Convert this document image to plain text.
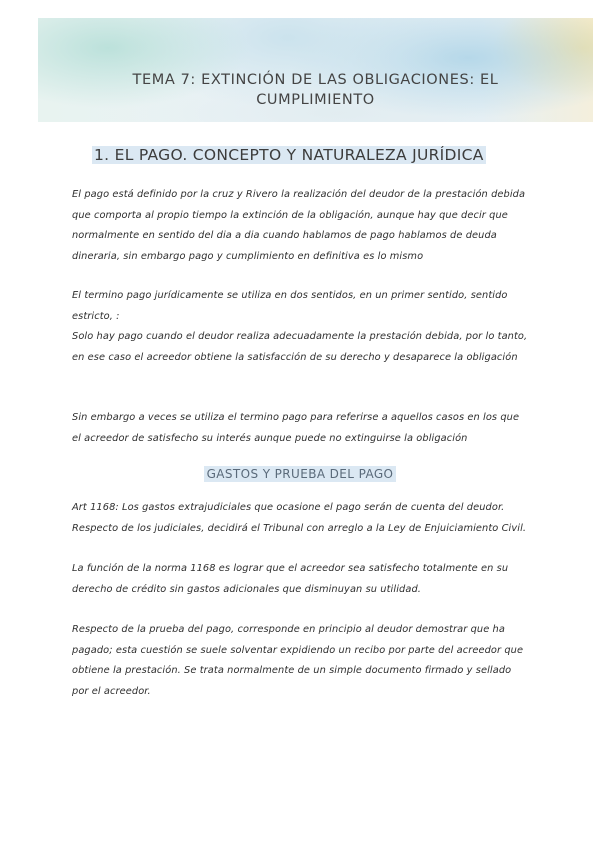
TEMA 7: EXTINCIÓN DE LAS OBLIGACIONES: EL
CUMPLIMIENTO
1. EL PAGO. CONCEPTO Y NATURALEZA JURÍDICA
El pago está definido por la cruz y Rivero la realización del deudor de la prestación debida que comporta al propio tiempo la extinción de la obligación, aunque hay que decir que normalmente en sentido del dia a dia cuando hablamos de pago hablamos de deuda dineraria, sin embargo pago y cumplimiento en definitiva es lo mismo
El termino pago jurídicamente se utiliza en dos sentidos, en un primer sentido, sentido estricto, :
Solo hay pago cuando el deudor realiza adecuadamente la prestación debida, por lo tanto, en ese caso el acreedor obtiene la satisfacción de su derecho y desaparece la obligación
Sin embargo a veces se utiliza el termino pago para referirse a aquellos casos en los que el acreedor de satisfecho su interés aunque puede no extinguirse la obligación
GASTOS Y PRUEBA DEL PAGO
Art 1168: Los gastos extrajudiciales que ocasione el pago serán de cuenta del deudor. Respecto de los judiciales, decidirá el Tribunal con arreglo a la Ley de Enjuiciamiento Civil.
La función de la norma 1168 es lograr que el acreedor sea satisfecho totalmente en su derecho de crédito sin gastos adicionales que disminuyan su utilidad.
Respecto de la prueba del pago, corresponde en principio al deudor demostrar que ha pagado; esta cuestión se suele solventar expidiendo un recibo por parte del acreedor que obtiene la prestación. Se trata normalmente de un simple documento firmado y sellado por el acreedor.
